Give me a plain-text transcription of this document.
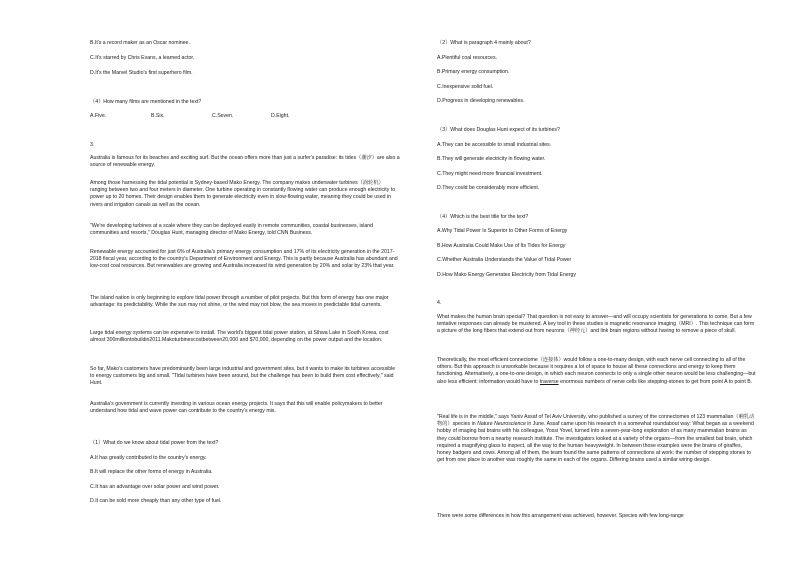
B.It's a record maker as an Oscar nominee.
C.It's starred by Chris Evans, a learned actor.
D.It's the Marvel Studio's first superhero film.
（4）How many films are mentioned in the text?
A.Five.	B.Six.	C.Seven.	D.Eight.
3.
Australia is famous for its beaches and exciting surf. But the ocean offers more than just a surfer's paradise: its tides（潮汐）are also a source of renewable energy.
Among those harnessing the tidal potential is Sydney-based Mako Energy. The company makes underwater turbines（涡轮机）ranging between two and four meters in diameter. One turbine operating in constantly flowing water can produce enough electricity to power up to 20 homes. Their design enables them to generate electricity even in slow-flowing water, meaning they could be used in rivers and irrigation canals as well as the ocean.
"We're developing turbines at a scale where they can be deployed easily in remote communities, coastal businesses, island communities and resorts," Douglas Hunt, managing director of Mako Energy, told CNN Business.
Renewable energy accounted for just 6% of Australia's primary energy consumption and 17% of its electricity generation in the 2017-2018 fiscal year, according to the country's Department of Environment and Energy. This is partly because Australia has abundant and low-cost coal resources. But renewables are growing and Australia increased its wind generation by 20% and solar by 23% that year.
The island nation is only beginning to explore tidal power through a number of pilot projects. But this form of energy has one major advantage: its predictability. While the sun may not shine, or the wind may not blow, the sea moves in predictable tidal currents.
Large tidal energy systems can be expensive to install. The world's biggest tidal power station, at Sihwa Lake in South Korea, cost almost 300milliontobuildin2011.Makoturbinescostbetween20,000 and $70,000, depending on the power output and the location.
So far, Mako's customers have predominantly been large industrial and government sites, but it wants to make its turbines accessible to energy customers big and small. "Tidal turbines have been around, but the challenge has been to build them cost effectively," said Hunt.
Australia's government is currently investing in various ocean energy projects. It says that this will enable policymakers to better understand how tidal and wave power can contribute to the country's energy mix.
（1）What do we know about tidal power from the text?
A.It has greatly contributed to the country's energy.
B.It will replace the other forms of energy in Australia.
C.It has an advantage over solar power and wind power.
D.It can be sold more cheaply than any other type of fuel.
（2）What is paragraph 4 mainly about?
A.Plentiful coal resources.
B.Primary energy consumption.
C.Inexpensive solid fuel.
D.Progress in developing renewables.
（3）What does Douglas Hunt expect of its turbines?
A.They can be accessible to small industrial sites.
B.They will generate electricity in flowing water.
C.They might need more financial investment.
D.They could be considerably more efficient.
（4）Which is the best title for the text?
A.Why Tidal Power Is Superior to Other Forms of Energy
B.How Australia Could Make Use of Its Tides for Energy
C.Whether Australia Understands the Value of Tidal Power
D.How Mako Energy Generates Electricity from Tidal Energy
4.
What makes the human brain special? That question is not easy to answer—and will occupy scientists for generations to come. But a few tentative responses can already be mustered. A key tool in these studies is magnetic resonance imaging（MRI）. This technique can form a picture of the long fibers that extend out from neurons（神经元）and link brain regions without having to remove a piece of skull.
Theoretically, the most efficient connectome（连接体）would follow a one-to-many design, with each nerve cell connecting to all of the others. But this approach is unworkable because it requires a lot of space to house all these connections and energy to keep them functioning. Alternatively, a one-to-one design, in which each neuron connects to only a single other neuron would be less challenging—but also less efficient: information would have to traverse enormous numbers of nerve cells like stepping-stones to get from point A to point B.
"Real life is in the middle," says Yaniv Assaf of Tel Aviv University, who published a survey of the connectomes of 123 mammalian（哺乳动物的）species in Nature Neuroscience in June. Assaf came upon his research in a somewhat roundabout way: What began as a weekend hobby of imaging bat brains with his colleague, Yossi Yovel, turned into a seven-year-long exploration of as many mammalian brains as they could borrow from a nearby research institute. The investigators looked at a variety of the organs—from the smallest bat brain, which required a magnifying glass to inspect, all the way to the human heavyweight. In between those examples were the brains of giraffes, honey badgers and cows. Among all of them, the team found the same patterns of connections at work: the number of stepping stones to get from one place to another was roughly the same in each of the organs. Differing brains used a similar wiring design.
There were some differences in how this arrangement was achieved, however. Species with few long-range
